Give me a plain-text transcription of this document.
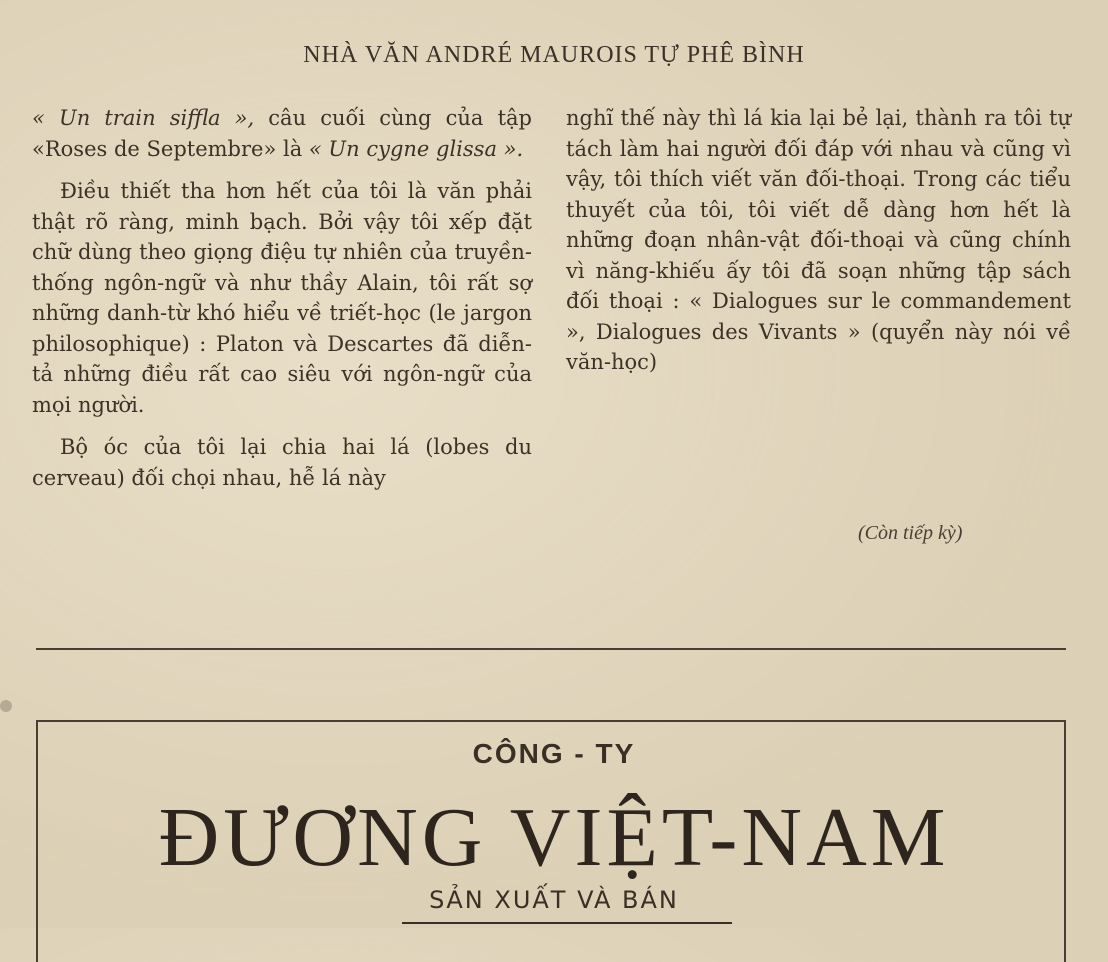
NHÀ VĂN ANDRÉ MAUROIS TỰ PHÊ BÌNH

« Un train siffla », câu cuối cùng của tập «Roses de Septembre» là « Un cygne glissa ».

Điều thiết tha hơn hết của tôi là văn phải thật rõ ràng, minh bạch. Bởi vậy tôi xếp đặt chữ dùng theo giọng điệu tự nhiên của truyền-thống ngôn-ngữ và như thầy Alain, tôi rất sợ những danh-từ khó hiểu về triết-học (le jargon philosophique) : Platon và Descartes đã diễn-tả những điều rất cao siêu với ngôn-ngữ của mọi người.

Bộ óc của tôi lại chia hai lá (lobes du cerveau) đối chọi nhau, hễ lá này

nghĩ thế này thì lá kia lại bẻ lại, thành ra tôi tự tách làm hai người đối đáp với nhau và cũng vì vậy, tôi thích viết văn đối-thoại. Trong các tiểu thuyết của tôi, tôi viết dễ dàng hơn hết là những đoạn nhân-vật đối-thoại và cũng chính vì năng-khiếu ấy tôi đã soạn những tập sách đối thoại : « Dialogues sur le commandement », Dialogues des Vivants » (quyển này nói về văn-học)

(Còn tiếp kỳ)
CÔNG - TY
ĐƯƠNG VIỆT-NAM
SẢN XUẤT VÀ BÁN
